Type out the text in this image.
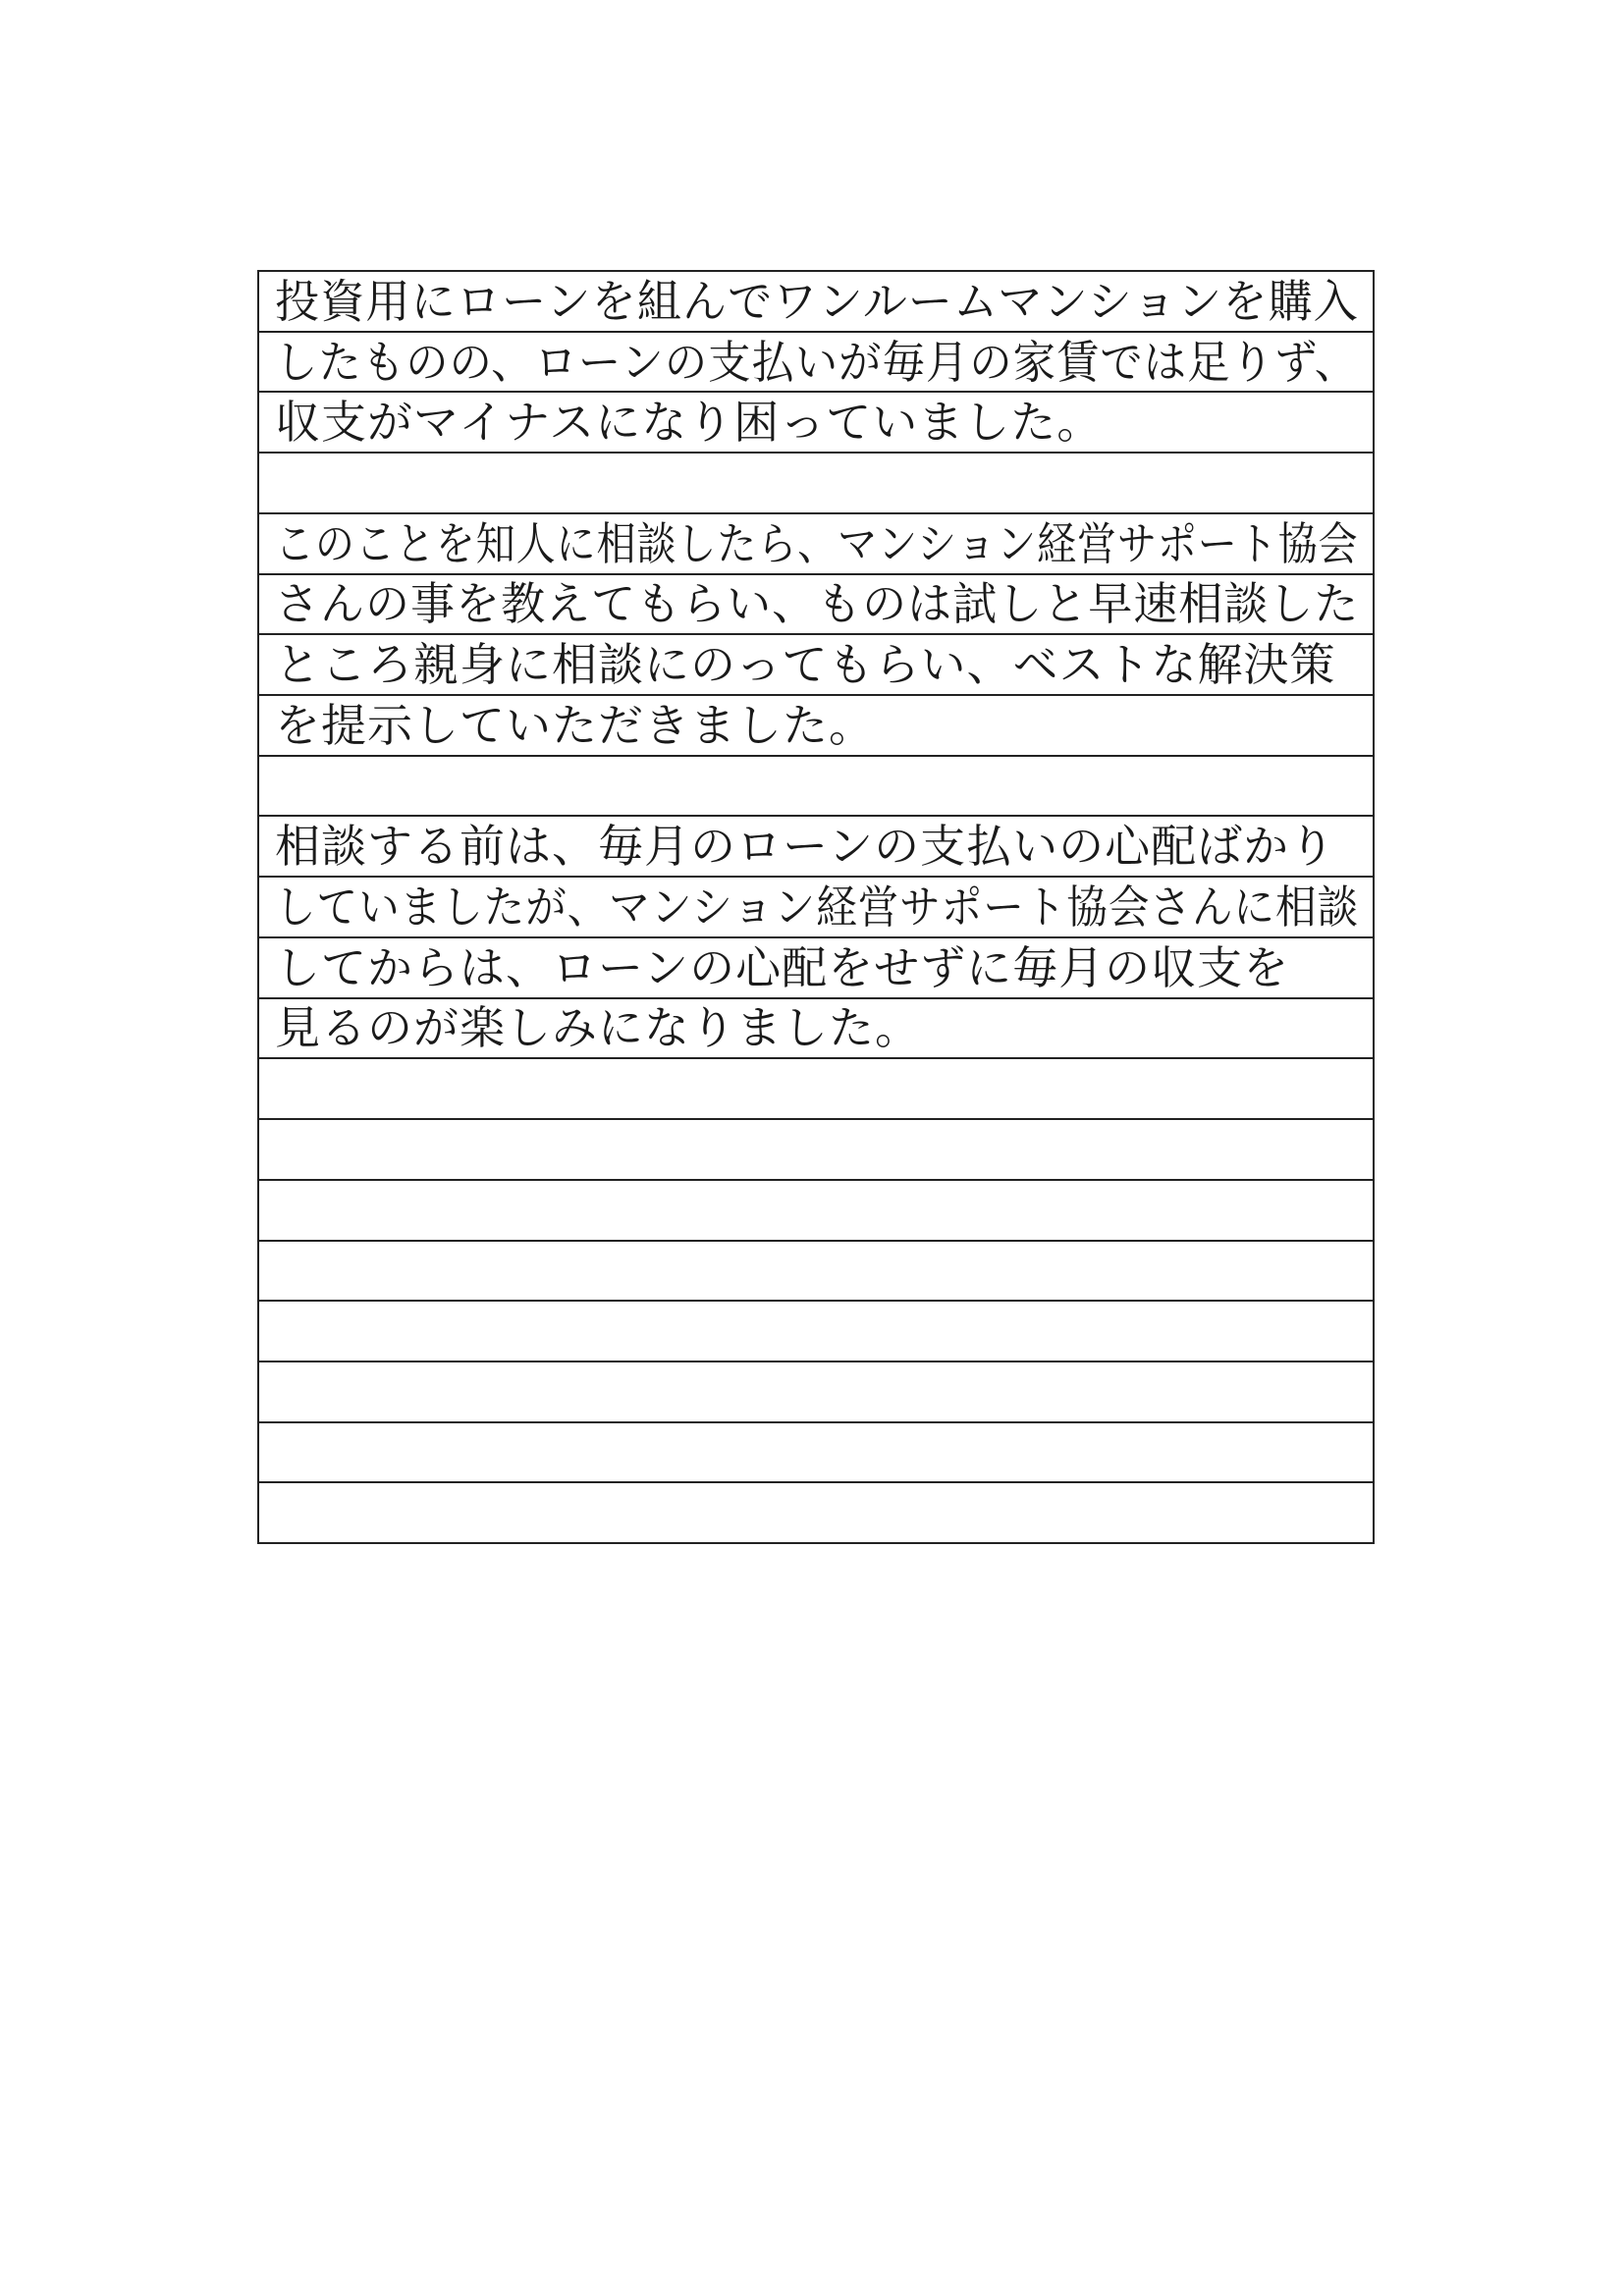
投資用にローンを組んでワンルームマンションを購入
したものの、ローンの支払いが毎月の家賃では足りず、
収支がマイナスになり困っていました。
このことを知人に相談したら、マンション経営サポート協会
さんの事を教えてもらい、ものは試しと早速相談した
ところ親身に相談にのってもらい、ベストな解決策
を提示していただきました。
相談する前は、毎月のローンの支払いの心配ばかり
していましたが、マンション経営サポート協会さんに相談
してからは、ローンの心配をせずに毎月の収支を
見るのが楽しみになりました。
